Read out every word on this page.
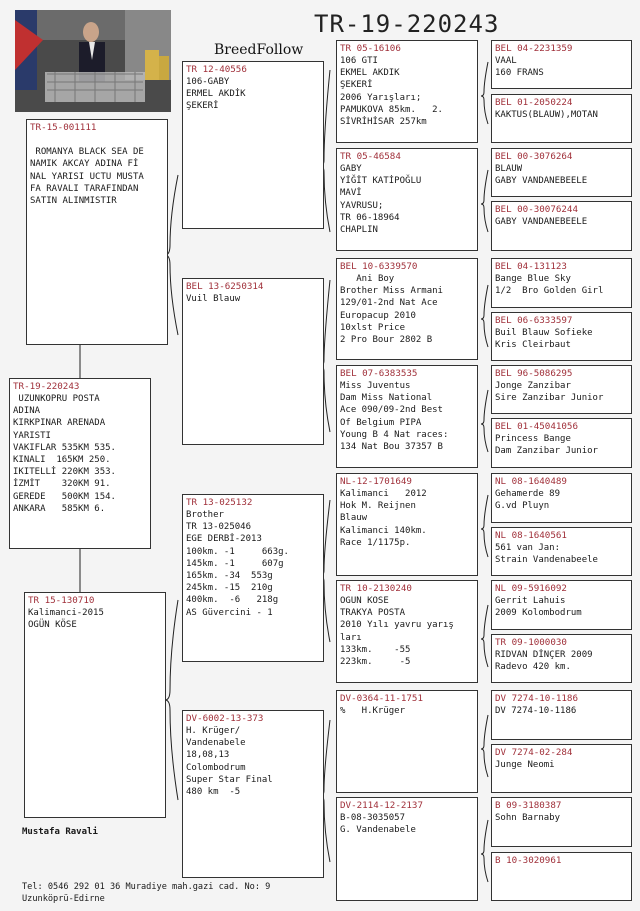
TR-19-220243
BreedFollow
TR-19-220243
UZUNKOPRU POSTA
ADINA
KIRKPINAR ARENADA
YARISTI
VAKIFLAR 535KM 535.
KINALI  165KM 250.
IKITELLİ 220KM 353.
İZMİT    320KM 91.
GEREDE   500KM 154.
ANKARA   585KM 6.
TR-15-001111

ROMANYA BLACK SEA DE
NAMIK AKCAY ADINA Fİ
NAL YARISI UCTU MUSTA
FA RAVALI TARAFINDAN
SATIN ALINMISTIR
TR 15-130710
Kalimanci-2015
OGÜN KÖSE
TR 12-40556
106-GABY
ERMEL AKDİK
ŞEKERİ
BEL 13-6250314
Vuil Blauw
TR 13-025132
Brother
TR 13-025046
EGE DERBİ-2013
100km. -1     663g.
145km. -1     607g
165km. -34  553g
245km. -15  210g
400km.  -6   218g
AS Güvercini - 1
DV-6002-13-373
H. Krüger/
Vandenabele
18,08,13
Colombodrum
Super Star Final
480 km  -5
TR 05-16106
106 GTI
EKMEL AKDIK
ŞEKERİ
2006 Yarışları;
PAMUKOVA 85km.   2.
SİVRİHİSAR 257km
TR 05-46584
GABY
YİĞİT KATİPOĞLU
MAVİ
YAVRUSU;
TR 06-18964
CHAPLIN
BEL 10-6339570
Ani Boy
Brother Miss Armani
129/01-2nd Nat Ace
Europacup 2010
10xlst Price
2 Pro Bour 2802 B
BEL 07-6383535
Miss Juventus
Dam Miss National
Ace 090/09-2nd Best
Of Belgium PIPA
Young B 4 Nat races:
134 Nat Bou 37357 B
NL-12-1701649
Kalimanci   2012
Hok M. Reijnen
Blauw
Kalimanci 140km.
Race 1/1175p.
TR 10-2130240
OGUN KOSE
TRAKYA POSTA
2010 Yılı yavru yarış
ları
133km.    -55
223km.     -5
DV-0364-11-1751
%   H.Krüger
DV-2114-12-2137
B-08-3035057
G. Vandenabele
BEL 04-2231359
VAAL
160 FRANS
BEL 01-2050224
KAKTUS(BLAUW),MOTAN
BEL 00-3076264
BLAUW
GABY VANDANEBEELE
BEL 00-30076244
GABY VANDANEBEELE
BEL 04-131123
Bange Blue Sky
1/2  Bro Golden Girl
BEL 06-6333597
Buil Blauw Sofieke
Kris Cleirbaut
BEL 96-5086295
Jonge Zanzibar
Sire Zanzibar Junior
BEL 01-45041056
Princess Bange
Dam Zanzibar Junior
NL 08-1640489
Gehamerde 89
G.vd Pluyn
NL 08-1640561
561 van Jan:
Strain Vandenabeele
NL 09-5916092
Gerrit Lahuis
2009 Kolombodrum
TR 09-1000030
RIDVAN DİNÇER 2009
Radevo 420 km.
DV 7274-10-1186
DV 7274-10-1186
DV 7274-02-284
Junge Neomi
B 09-3180387
Sohn Barnaby
B 10-3020961
Mustafa Ravali
Tel: 0546 292 01 36 Muradiye mah.gazi cad. No: 9
Uzunköprü-Edirne
